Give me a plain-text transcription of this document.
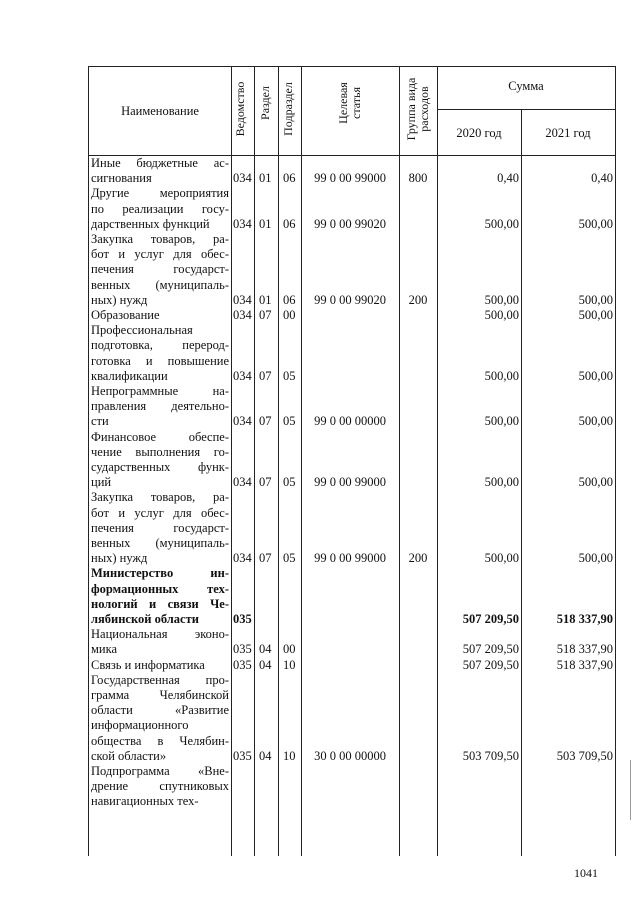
Наименование	Ведомство Раздел Подраздел	Целевая
статья	Группа вида
расходов
Сумма
2020 год	2021 год
Иные бюджетные ас-
сигнования	034 01 06	99 0 00 99000	800	0,40	0,40
Другие мероприятия
по реализации госу-
дарственных функций	034 01 06	99 0 00 99020	500,00	500,00
Закупка товаров, ра-
бот и услуг для обес-
печения государст-
венных (муниципаль-
ных) нужд	034 01 06	99 0 00 99020	200	500,00	500,00
Образование	034 07 00	500,00	500,00
Профессиональная
подготовка, переpод-
готовка и повышение
квалификации	034 07 05	500,00	500,00
Непрограммные на-
правления деятельно-
сти	034 07 05	99 0 00 00000	500,00	500,00
Финансовое обеспе-
чение выполнения го-
сударственных функ-
ций	034 07 05	99 0 00 99000	500,00	500,00
Закупка товаров, ра-
бот и услуг для обес-
печения государст-
венных (муниципаль-
ных) нужд	034 07 05	99 0 00 99000	200	500,00	500,00
Министерство ин-
формационных тех-
нологий и связи Че-
лябинской области	035	507 209,50	518 337,90
Национальная эконо-
мика	035 04 00	507 209,50	518 337,90
Связь и информатика	035 04 10	507 209,50	518 337,90
Государственная про-
грамма Челябинской
области «Развитие
информационного
общества в Челябин-
ской области»	035 04 10	30 0 00 00000	503 709,50	503 709,50
Подпрограмма «Вне-
дрение спутниковых
навигационных тех-
1041
